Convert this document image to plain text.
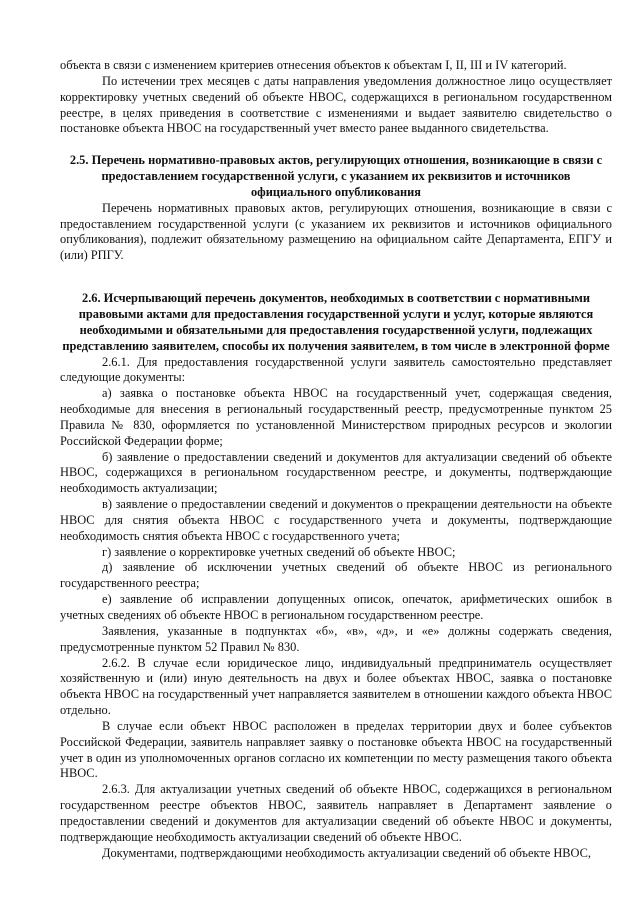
объекта в связи с изменением критериев отнесения объектов к объектам I, II, III и IV категорий.

По истечении трех месяцев с даты направления уведомления должностное лицо осуществляет корректировку учетных сведений об объекте НВОС, содержащихся в региональном государственном реестре, в целях приведения в соответствие с изменениями и выдает заявителю свидетельство о постановке объекта НВОС на государственный учет вместо ранее выданного свидетельства.

2.5. Перечень нормативно-правовых актов, регулирующих отношения, возникающие в связи с предоставлением государственной услуги, с указанием их реквизитов и источников официального опубликования

Перечень нормативных правовых актов, регулирующих отношения, возникающие в связи с предоставлением государственной услуги (с указанием их реквизитов и источников официального опубликования), подлежит обязательному размещению на официальном сайте Департамента, ЕПГУ и (или) РПГУ.

2.6. Исчерпывающий перечень документов, необходимых в соответствии с нормативными правовыми актами для предоставления государственной услуги и услуг, которые являются необходимыми и обязательными для предоставления государственной услуги, подлежащих представлению заявителем, способы их получения заявителем, в том числе в электронной форме

2.6.1. Для предоставления государственной услуги заявитель самостоятельно представляет следующие документы:

а) заявка о постановке объекта НВОС на государственный учет, содержащая сведения, необходимые для внесения в региональный государственный реестр, предусмотренные пунктом 25 Правила № 830, оформляется по установленной Министерством природных ресурсов и экологии Российской Федерации форме;

б) заявление о предоставлении сведений и документов для актуализации сведений об объекте НВОС, содержащихся в региональном государственном реестре, и документы, подтверждающие необходимость актуализации;

в) заявление о предоставлении сведений и документов о прекращении деятельности на объекте НВОС для снятия объекта НВОС с государственного учета и документы, подтверждающие необходимость снятия объекта НВОС с государственного учета;

г) заявление о корректировке учетных сведений об объекте НВОС;

д) заявление об исключении учетных сведений об объекте НВОС из регионального государственного реестра;

е) заявление об исправлении допущенных описок, опечаток, арифметических ошибок в учетных сведениях об объекте НВОС в региональном государственном реестре.

Заявления, указанные в подпунктах «б», «в», «д», и «е» должны содержать сведения, предусмотренные пунктом 52 Правил № 830.

2.6.2. В случае если юридическое лицо, индивидуальный предприниматель осуществляет хозяйственную и (или) иную деятельность на двух и более объектах НВОС, заявка о постановке объекта НВОС на государственный учет направляется заявителем в отношении каждого объекта НВОС отдельно.

В случае если объект НВОС расположен в пределах территории двух и более субъектов Российской Федерации, заявитель направляет заявку о постановке объекта НВОС на государственный учет в один из уполномоченных органов согласно их компетенции по месту размещения такого объекта НВОС.

2.6.3. Для актуализации учетных сведений об объекте НВОС, содержащихся в региональном государственном реестре объектов НВОС, заявитель направляет в Департамент заявление о предоставлении сведений и документов для актуализации сведений об объекте НВОС и документы, подтверждающие необходимость актуализации сведений об объекте НВОС.

Документами, подтверждающими необходимость актуализации сведений об объекте НВОС,
